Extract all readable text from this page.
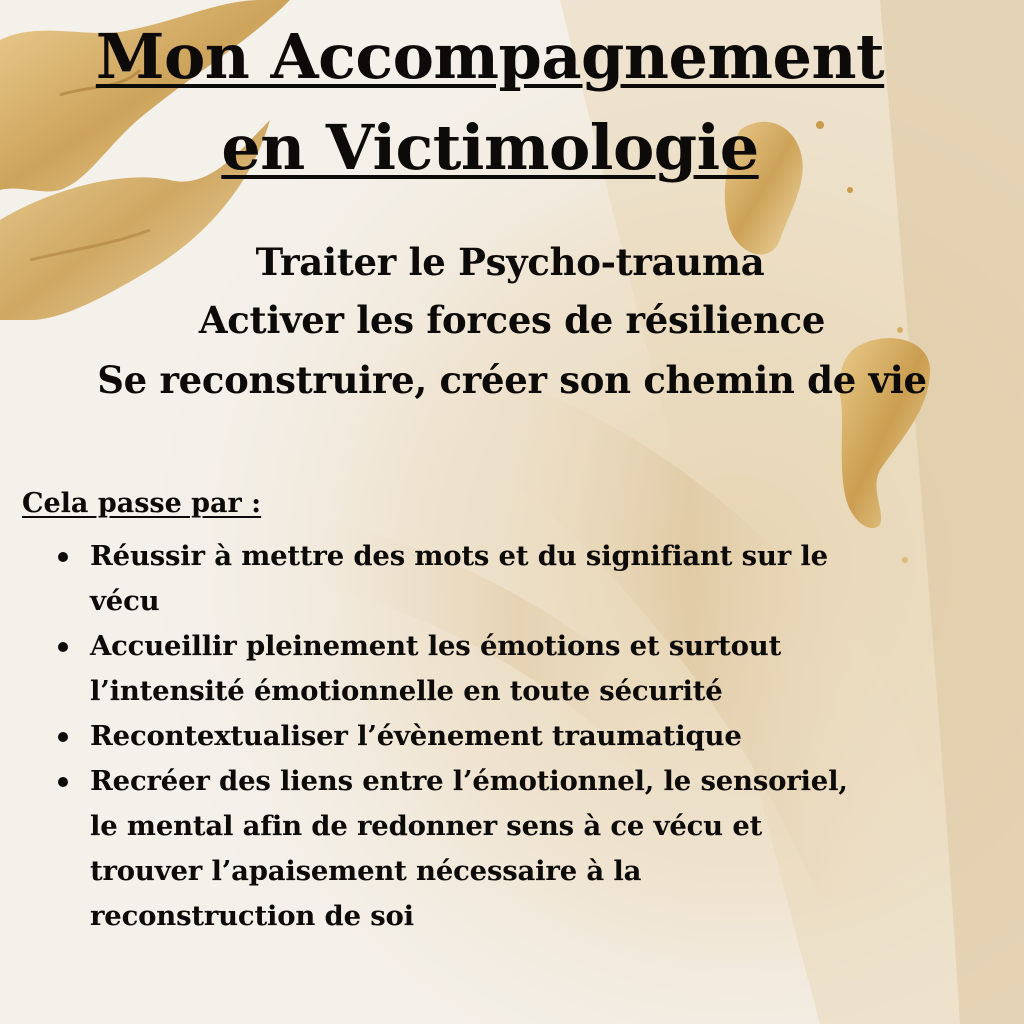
Mon Accompagnement
en Victimologie

Traiter le Psycho-trauma

Activer les forces de résilience

Se reconstruire, créer son chemin de vie

Cela passe par :

Réussir à mettre des mots et du signifiant sur le
vécu
Accueillir pleinement les émotions et surtout
l’intensité émotionnelle en toute sécurité
Recontextualiser l’évènement traumatique
Recréer des liens entre l’émotionnel, le sensoriel,
le mental afin de redonner sens à ce vécu et
trouver l’apaisement nécessaire à la
reconstruction de soi
